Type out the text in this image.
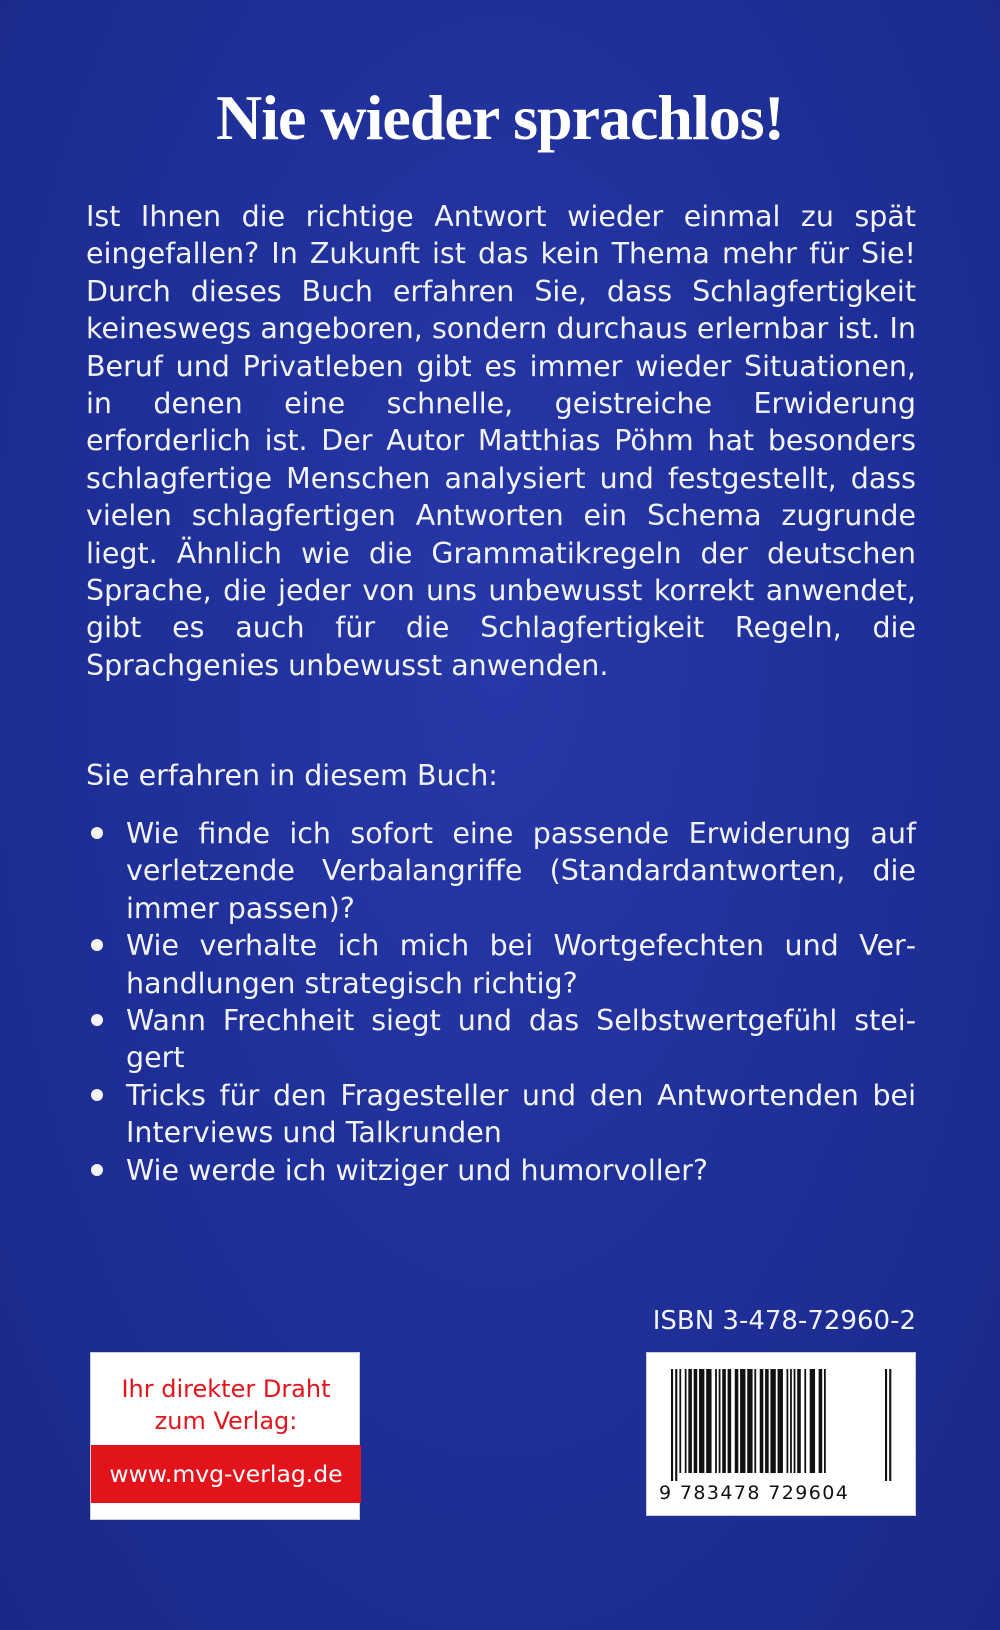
Nie wieder sprachlos!

Ist Ihnen die richtige Antwort wieder einmal zu spät eingefallen? In Zukunft ist das kein Thema mehr für Sie! Durch dieses Buch erfahren Sie, dass Schlagfertigkeit keineswegs angeboren, sondern durchaus erlernbar ist. In Beruf und Privatleben gibt es immer wieder Situationen, in denen eine schnelle, geistreiche Erwiderung erforderlich ist. Der Autor Matthias Pöhm hat besonders schlagfertige Menschen analysiert und festgestellt, dass vielen schlagfertigen Antworten ein Schema zugrunde liegt. Ähnlich wie die Grammatikregeln der deutschen Sprache, die jeder von uns unbewusst korrekt anwendet, gibt es auch für die Schlagfertigkeit Regeln, die Sprachgenies unbewusst anwenden.

Sie erfahren in diesem Buch:

Wie finde ich sofort eine passende Erwiderung auf verletzende Verbalangriffe (Standardantworten, die immer passen)?
Wie verhalte ich mich bei Wortgefechten und Verhandlungen strategisch richtig?
Wann Frechheit siegt und das Selbstwertgefühl steigert
Tricks für den Fragesteller und den Antwortenden bei Interviews und Talkrunden
Wie werde ich witziger und humorvoller?

ISBN 3-478-72960-2

Ihr direkter Draht
zum Verlag:

www.mvg-verlag.de

9 783478 729604
